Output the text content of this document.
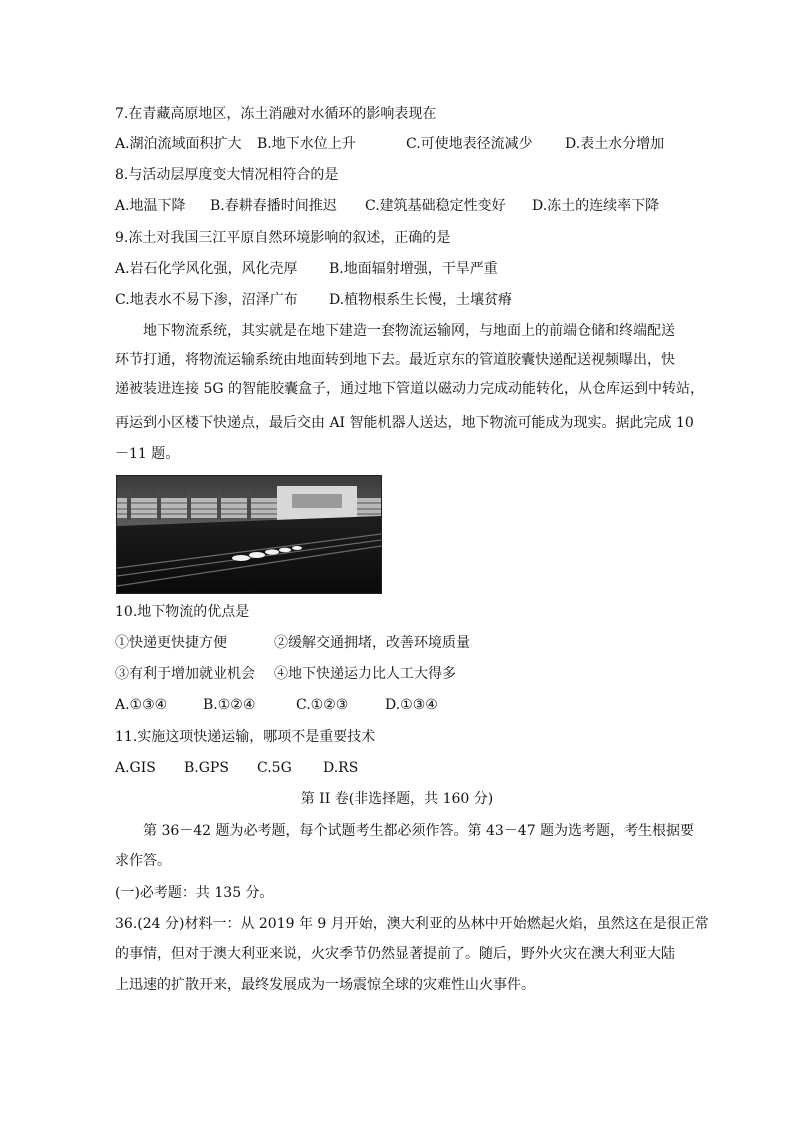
7.在青藏高原地区，冻土消融对水循环的影响表现在

A.湖泊流域面积扩大	B.地下水位上升	C.可使地表径流减少	D.表土水分增加

8.与活动层厚度变大情况相符合的是

A.地温下降	B.春耕春播时间推迟	C.建筑基础稳定性变好	D.冻土的连续率下降

9.冻土对我国三江平原自然环境影响的叙述，正确的是

A.岩石化学风化强，风化壳厚	B.地面辐射增强，干旱严重
C.地表水不易下渗，沼泽广布	D.植物根系生长慢，土壤贫瘠

地下物流系统，其实就是在地下建造一套物流运输网，与地面上的前端仓储和终端配送

环节打通，将物流运输系统由地面转到地下去。最近京东的管道胶囊快递配送视频曝出，快

递被装进连接 5G 的智能胶囊盒子，通过地下管道以磁动力完成动能转化，从仓库运到中转站，

再运到小区楼下快递点，最后交由 AI 智能机器人送达，地下物流可能成为现实。据此完成 10

－11 题。

10.地下物流的优点是

①快递更快捷方便	②缓解交通拥堵，改善环境质量
③有利于增加就业机会	④地下快递运力比人工大得多
A.①③④	B.①②④	C.①②③	D.①③④

11.实施这项快递运输，哪项不是重要技术

A.GIS	B.GPS	C.5G	D.RS

第 II 卷(非选择题，共 160 分)

第 36－42 题为必考题，每个试题考生都必须作答。第 43－47 题为选考题，考生根据要

求作答。

(一)必考题：共 135 分。

36.(24 分)材料一：从 2019 年 9 月开始，澳大利亚的丛林中开始燃起火焰，虽然这在是很正常

的事情，但对于澳大利亚来说，火灾季节仍然显著提前了。随后，野外火灾在澳大利亚大陆

上迅速的扩散开来，最终发展成为一场震惊全球的灾难性山火事件。
